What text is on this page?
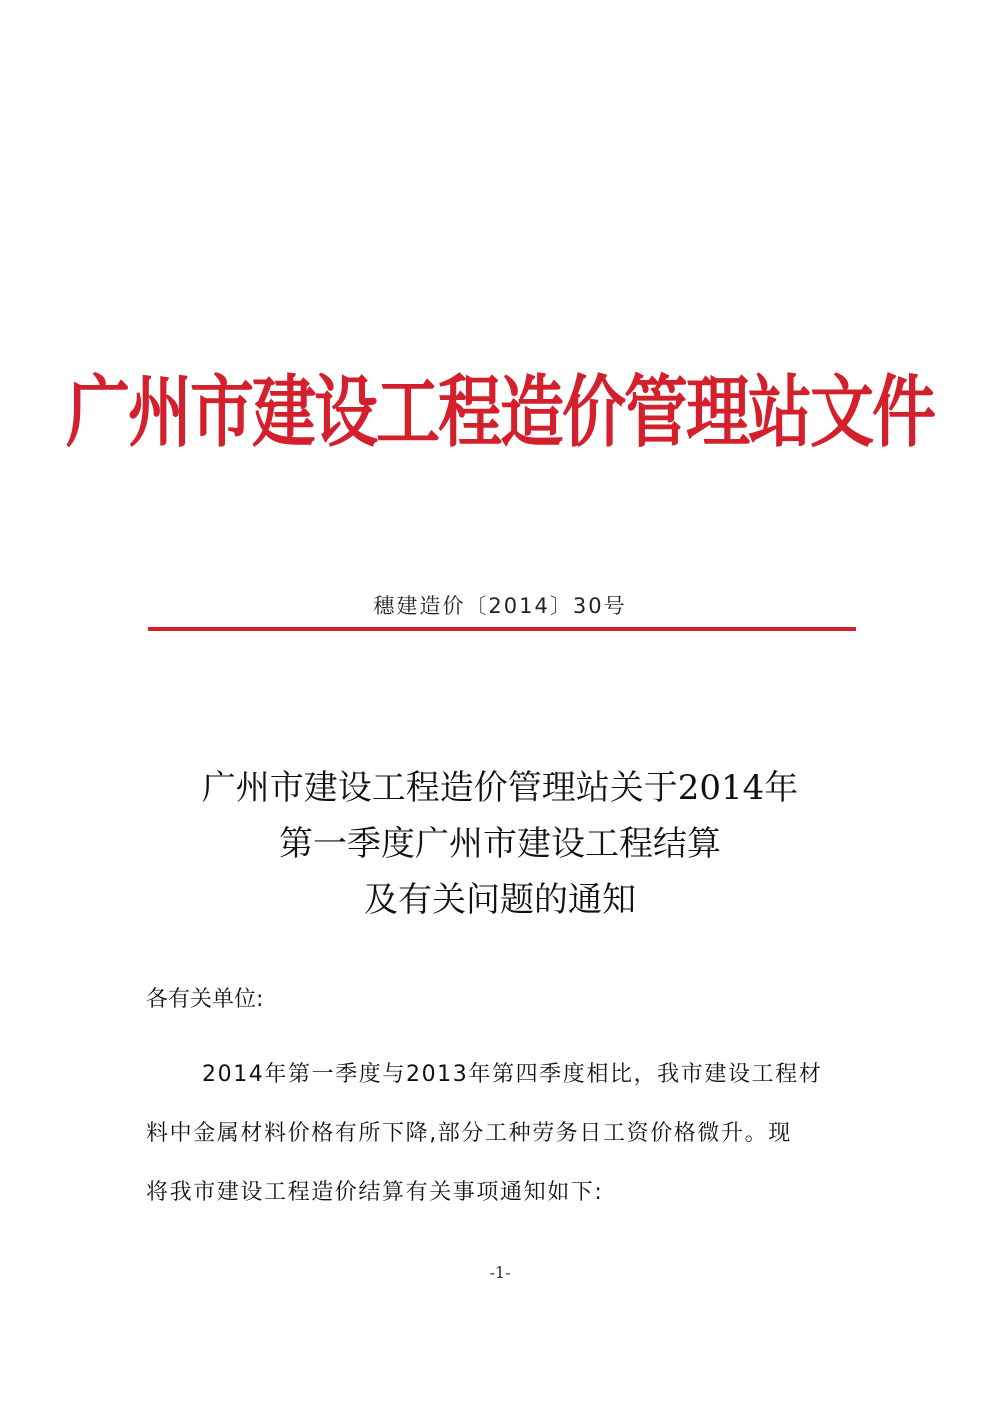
广州市建设工程造价管理站文件
穗建造价〔2014〕30号
广州市建设工程造价管理站关于2014年
第一季度广州市建设工程结算
及有关问题的通知
各有关单位:
2014年第一季度与2013年第四季度相比，我市建设工程材
料中金属材料价格有所下降,部分工种劳务日工资价格微升。现
将我市建设工程造价结算有关事项通知如下:
-1-
